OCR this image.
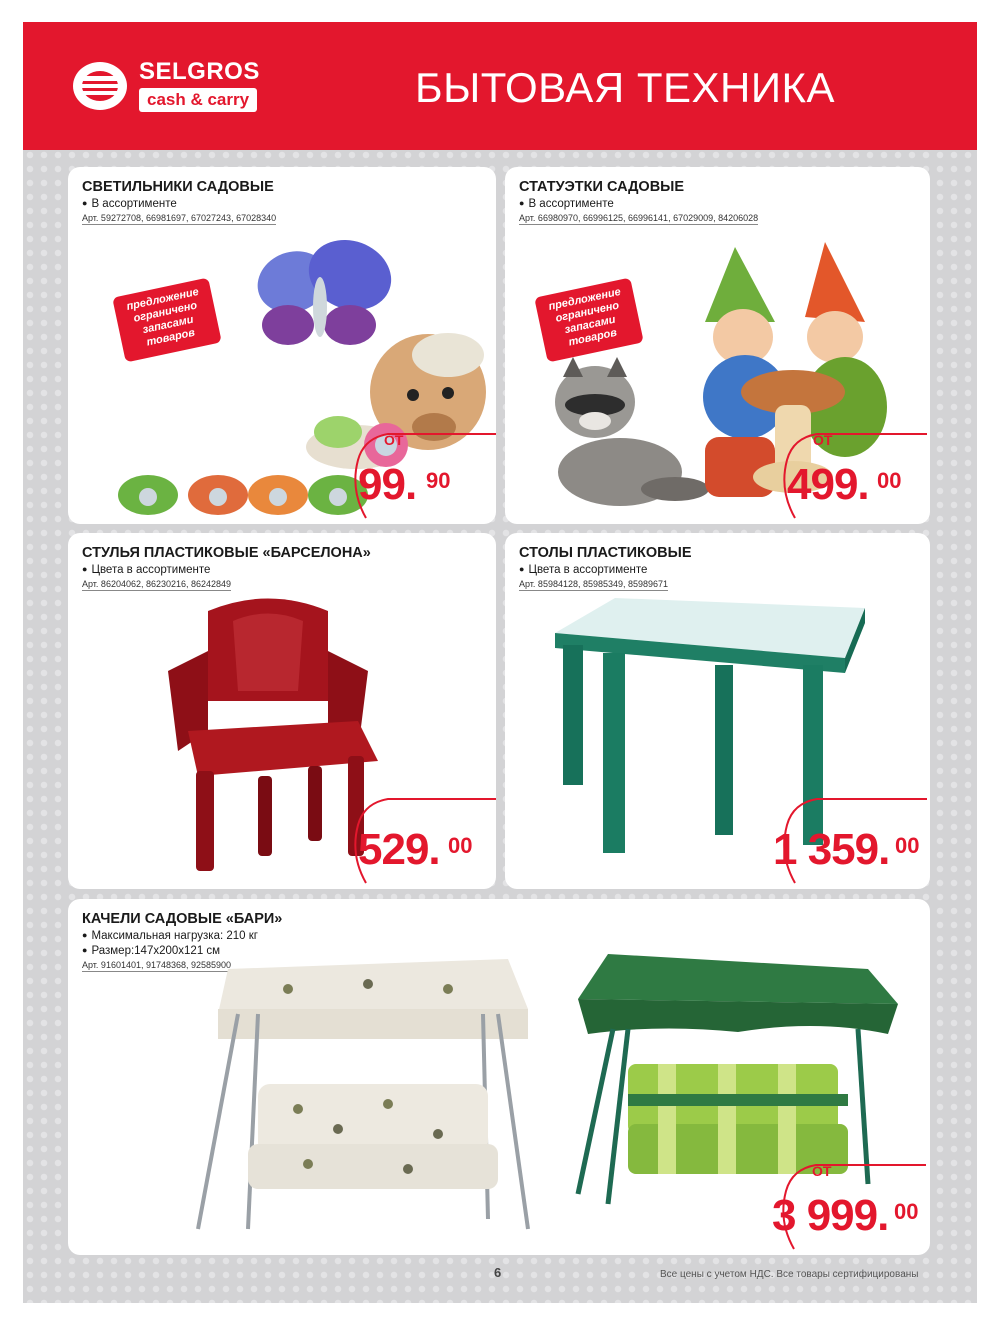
SELGROS
cash & carry	БЫТОВАЯ ТЕХНИКА
СВЕТИЛЬНИКИ САДОВЫЕ
● В ассортименте
Арт. 59272708, 66981697, 67027243, 67028340
предложение ограничено запасами товаров
ОТ
99. 90
СТАТУЭТКИ САДОВЫЕ
● В ассортименте
Арт. 66980970, 66996125, 66996141, 67029009, 84206028
предложение ограничено запасами товаров
ОТ
499. 00
СТУЛЬЯ ПЛАСТИКОВЫЕ «БАРСЕЛОНА»
● Цвета в ассортименте
Арт. 86204062, 86230216, 86242849
529. 00
СТОЛЫ ПЛАСТИКОВЫЕ
● Цвета в ассортименте
Арт. 85984128, 85985349, 85989671
1 359. 00
КАЧЕЛИ САДОВЫЕ «БАРИ»
● Максимальная нагрузка: 210 кг
● Размер:147х200х121 см
Арт. 91601401, 91748368, 92585900
ОТ
3 999. 00
6	Все цены с учетом НДС. Все товары сертифицированы
